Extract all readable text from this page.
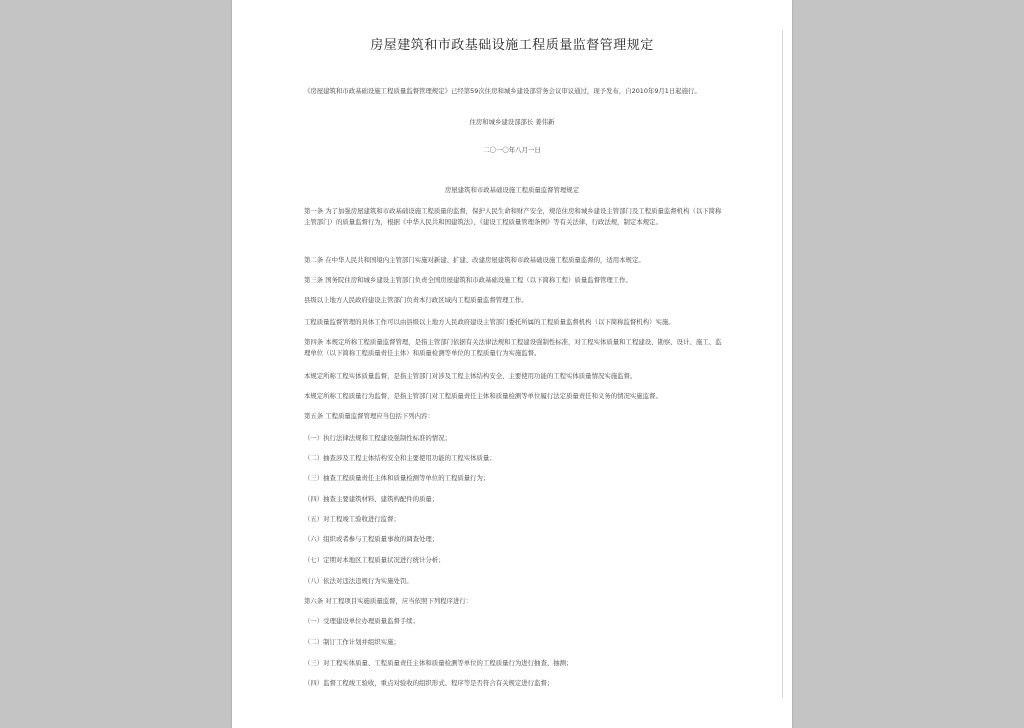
房屋建筑和市政基础设施工程质量监督管理规定
《房屋建筑和市政基础设施工程质量监督管理规定》已经第59次住房和城乡建设部常务会议审议通过，现予发布，自2010年9月1日起施行。
住房和城乡建设部部长 姜伟新
二〇一〇年八月一日
房屋建筑和市政基础设施工程质量监督管理规定
第一条 为了加强房屋建筑和市政基础设施工程质量的监督，保护人民生命和财产安全，规范住房和城乡建设主管部门及工程质量监督机构（以下简称主管部门）的质量监督行为，根据《中华人民共和国建筑法》、《建设工程质量管理条例》等有关法律、行政法规，制定本规定。
第二条 在中华人民共和国境内主管部门实施对新建、扩建、改建房屋建筑和市政基础设施工程质量监督的，适用本规定。
第三条 国务院住房和城乡建设主管部门负责全国房屋建筑和市政基础设施工程（以下简称工程）质量监督管理工作。
县级以上地方人民政府建设主管部门负责本行政区域内工程质量监督管理工作。
工程质量监督管理的具体工作可以由县级以上地方人民政府建设主管部门委托所属的工程质量监督机构（以下简称监督机构）实施。
第四条 本规定所称工程质量监督管理，是指主管部门依据有关法律法规和工程建设强制性标准，对工程实体质量和工程建设、勘察、设计、施工、监理单位（以下简称工程质量责任主体）和质量检测等单位的工程质量行为实施监督。
本规定所称工程实体质量监督，是指主管部门对涉及工程主体结构安全、主要使用功能的工程实体质量情况实施监督。
本规定所称工程质量行为监督，是指主管部门对工程质量责任主体和质量检测等单位履行法定质量责任和义务的情况实施监督。
第五条 工程质量监督管理应当包括下列内容：
（一）执行法律法规和工程建设强制性标准的情况；
（二）抽查涉及工程主体结构安全和主要使用功能的工程实体质量；
（三）抽查工程质量责任主体和质量检测等单位的工程质量行为；
（四）抽查主要建筑材料、建筑构配件的质量；
（五）对工程竣工验收进行监督；
（六）组织或者参与工程质量事故的调查处理；
（七）定期对本地区工程质量状况进行统计分析；
（八）依法对违法违规行为实施处罚。
第六条 对工程项目实施质量监督，应当依照下列程序进行：
（一）受理建设单位办理质量监督手续；
（二）制订工作计划并组织实施；
（三）对工程实体质量、工程质量责任主体和质量检测等单位的工程质量行为进行抽查、抽测；
（四）监督工程竣工验收，重点对验收的组织形式、程序等是否符合有关规定进行监督；
